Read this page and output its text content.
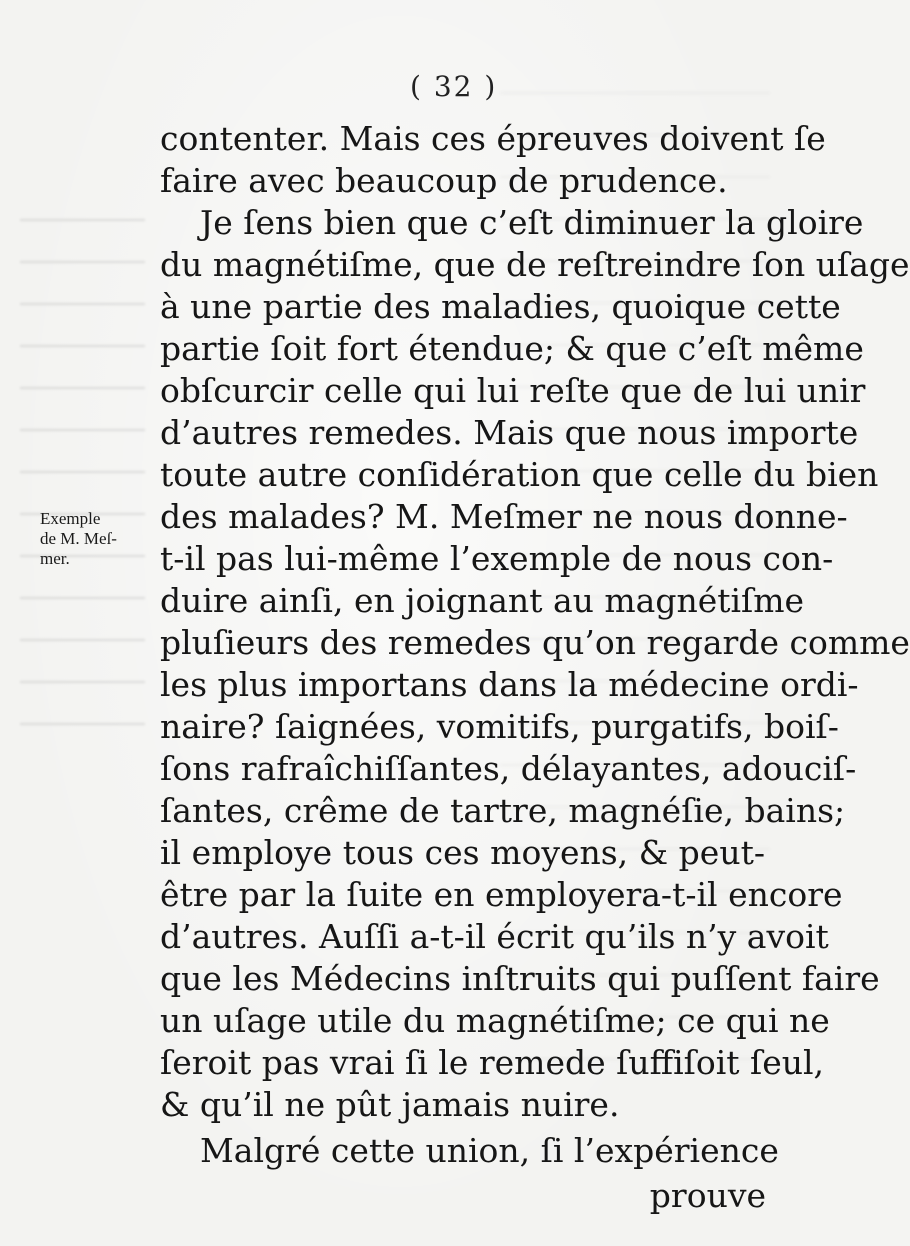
( 32 )
contenter. Mais ces épreuves doivent ſe
faire avec beaucoup de prudence.
Je ſens bien que c’eſt diminuer la gloire
du magnétiſme, que de reſtreindre ſon uſage
à une partie des maladies, quoique cette
partie ſoit fort étendue; & que c’eſt même
obſcurcir celle qui lui reſte que de lui unir
d’autres remedes. Mais que nous importe
toute autre conſidération que celle du bien
des malades? M. Meſmer ne nous donne-
t-il pas lui-même l’exemple de nous con-
duire ainſi, en joignant au magnétiſme
pluſieurs des remedes qu’on regarde comme
les plus importans dans la médecine ordi-
naire? ſaignées, vomitifs, purgatifs, boiſ-
ſons rafraîchiſſantes, délayantes, adouciſ-
ſantes, crême de tartre, magnéſie, bains;
il employe tous ces moyens, & peut-
être par la ſuite en employera-t-il encore
d’autres. Auſſi a-t-il écrit qu’ils n’y avoit
que les Médecins inſtruits qui puſſent faire
un uſage utile du magnétiſme; ce qui ne
ſeroit pas vrai ſi le remede ſuffiſoit ſeul,
& qu’il ne pût jamais nuire.
Malgré cette union, ſi l’expérience
Exemple
de M. Meſ-
mer.
prouve
